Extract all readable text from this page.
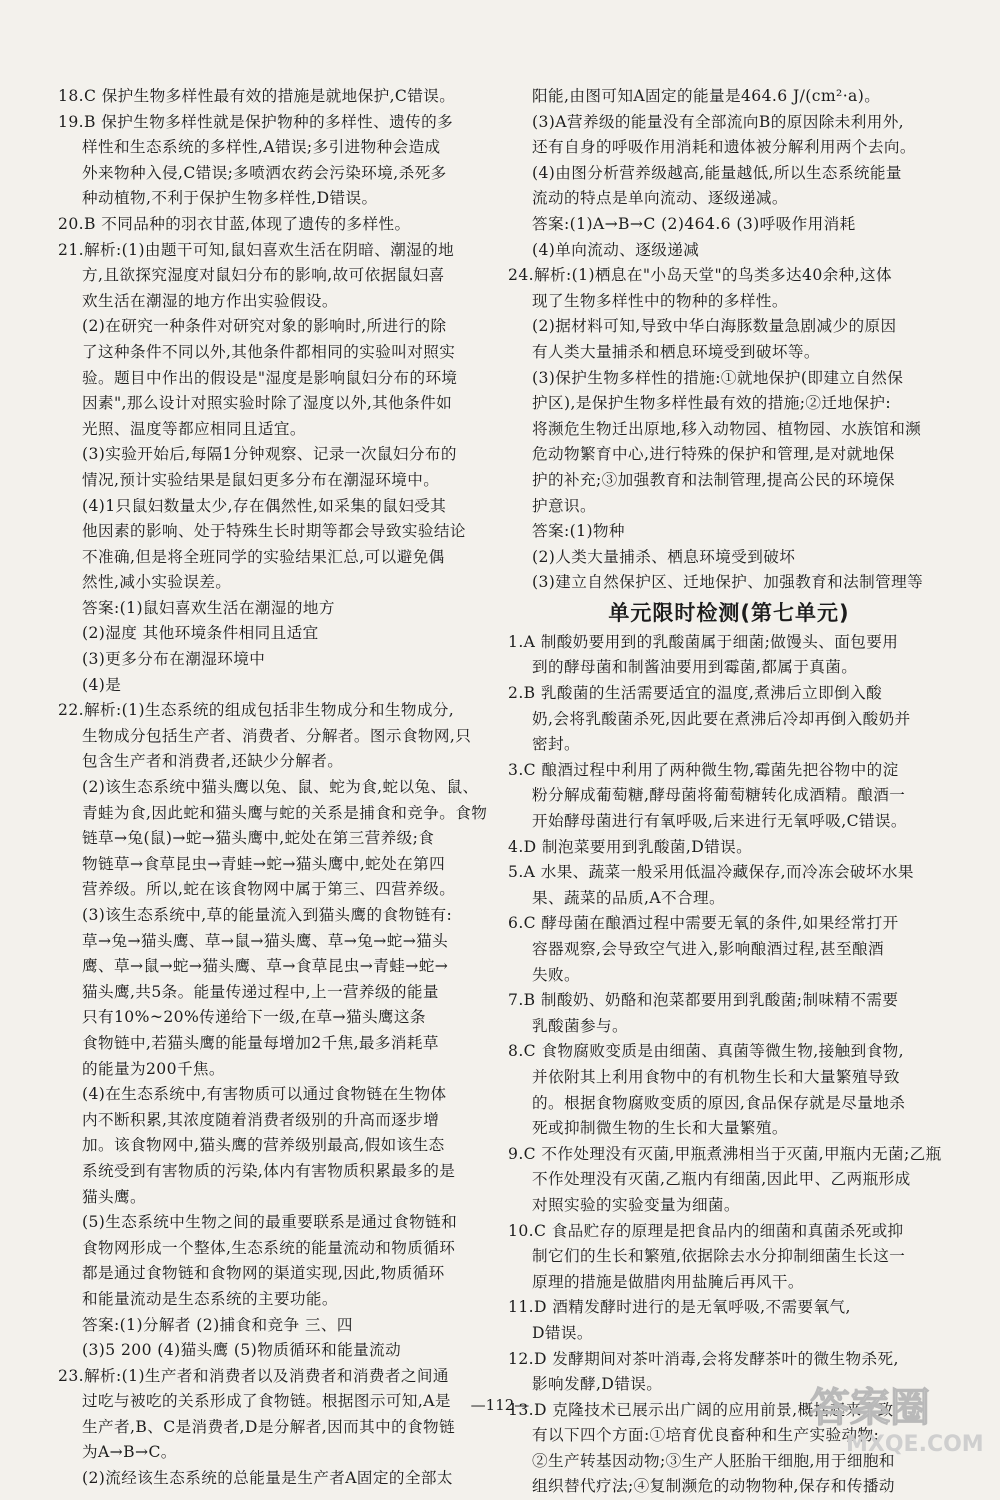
18.C 保护生物多样性最有效的措施是就地保护,C错误。
19.B 保护生物多样性就是保护物种的多样性、遗传的多
样性和生态系统的多样性,A错误;多引进物种会造成
外来物种入侵,C错误;多喷洒农药会污染环境,杀死多
种动植物,不利于保护生物多样性,D错误。
20.B 不同品种的羽衣甘蓝,体现了遗传的多样性。
21.解析:(1)由题干可知,鼠妇喜欢生活在阴暗、潮湿的地
方,且欲探究湿度对鼠妇分布的影响,故可依据鼠妇喜
欢生活在潮湿的地方作出实验假设。
(2)在研究一种条件对研究对象的影响时,所进行的除
了这种条件不同以外,其他条件都相同的实验叫对照实
验。题目中作出的假设是"湿度是影响鼠妇分布的环境
因素",那么设计对照实验时除了湿度以外,其他条件如
光照、温度等都应相同且适宜。
(3)实验开始后,每隔1分钟观察、记录一次鼠妇分布的
情况,预计实验结果是鼠妇更多分布在潮湿环境中。
(4)1只鼠妇数量太少,存在偶然性,如采集的鼠妇受其
他因素的影响、处于特殊生长时期等都会导致实验结论
不准确,但是将全班同学的实验结果汇总,可以避免偶
然性,减小实验误差。
答案:(1)鼠妇喜欢生活在潮湿的地方
(2)湿度 其他环境条件相同且适宜
(3)更多分布在潮湿环境中
(4)是
22.解析:(1)生态系统的组成包括非生物成分和生物成分,
生物成分包括生产者、消费者、分解者。图示食物网,只
包含生产者和消费者,还缺少分解者。
(2)该生态系统中猫头鹰以兔、鼠、蛇为食,蛇以兔、鼠、
青蛙为食,因此蛇和猫头鹰与蛇的关系是捕食和竞争。食物
链草→兔(鼠)→蛇→猫头鹰中,蛇处在第三营养级;食
物链草→食草昆虫→青蛙→蛇→猫头鹰中,蛇处在第四
营养级。所以,蛇在该食物网中属于第三、四营养级。
(3)该生态系统中,草的能量流入到猫头鹰的食物链有:
草→兔→猫头鹰、草→鼠→猫头鹰、草→兔→蛇→猫头
鹰、草→鼠→蛇→猫头鹰、草→食草昆虫→青蛙→蛇→
猫头鹰,共5条。能量传递过程中,上一营养级的能量
只有10%~20%传递给下一级,在草→猫头鹰这条
食物链中,若猫头鹰的能量每增加2千焦,最多消耗草
的能量为200千焦。
(4)在生态系统中,有害物质可以通过食物链在生物体
内不断积累,其浓度随着消费者级别的升高而逐步增
加。该食物网中,猫头鹰的营养级别最高,假如该生态
系统受到有害物质的污染,体内有害物质积累最多的是
猫头鹰。
(5)生态系统中生物之间的最重要联系是通过食物链和
食物网形成一个整体,生态系统的能量流动和物质循环
都是通过食物链和食物网的渠道实现,因此,物质循环
和能量流动是生态系统的主要功能。
答案:(1)分解者 (2)捕食和竞争 三、四
(3)5 200 (4)猫头鹰 (5)物质循环和能量流动
23.解析:(1)生产者和消费者以及消费者和消费者之间通
过吃与被吃的关系形成了食物链。根据图示可知,A是
生产者,B、C是消费者,D是分解者,因而其中的食物链
为A→B→C。
(2)流经该生态系统的总能量是生产者A固定的全部太
阳能,由图可知A固定的能量是464.6 J/(cm²·a)。
(3)A营养级的能量没有全部流向B的原因除未利用外,
还有自身的呼吸作用消耗和遗体被分解利用两个去向。
(4)由图分析营养级越高,能量越低,所以生态系统能量
流动的特点是单向流动、逐级递减。
答案:(1)A→B→C (2)464.6 (3)呼吸作用消耗
(4)单向流动、逐级递减
24.解析:(1)栖息在"小岛天堂"的鸟类多达40余种,这体
现了生物多样性中的物种的多样性。
(2)据材料可知,导致中华白海豚数量急剧减少的原因
有人类大量捕杀和栖息环境受到破坏等。
(3)保护生物多样性的措施:①就地保护(即建立自然保
护区),是保护生物多样性最有效的措施;②迁地保护:
将濒危生物迁出原地,移入动物园、植物园、水族馆和濒
危动物繁育中心,进行特殊的保护和管理,是对就地保
护的补充;③加强教育和法制管理,提高公民的环境保
护意识。
答案:(1)物种
(2)人类大量捕杀、栖息环境受到破坏
(3)建立自然保护区、迁地保护、加强教育和法制管理等
单元限时检测(第七单元)
1.A 制酸奶要用到的乳酸菌属于细菌;做馒头、面包要用
到的酵母菌和制酱油要用到霉菌,都属于真菌。
2.B 乳酸菌的生活需要适宜的温度,煮沸后立即倒入酸
奶,会将乳酸菌杀死,因此要在煮沸后冷却再倒入酸奶并
密封。
3.C 酿酒过程中利用了两种微生物,霉菌先把谷物中的淀
粉分解成葡萄糖,酵母菌将葡萄糖转化成酒精。酿酒一
开始酵母菌进行有氧呼吸,后来进行无氧呼吸,C错误。
4.D 制泡菜要用到乳酸菌,D错误。
5.A 水果、蔬菜一般采用低温冷藏保存,而冷冻会破坏水果
果、蔬菜的品质,A不合理。
6.C 酵母菌在酿酒过程中需要无氧的条件,如果经常打开
容器观察,会导致空气进入,影响酿酒过程,甚至酿酒
失败。
7.B 制酸奶、奶酪和泡菜都要用到乳酸菌;制味精不需要
乳酸菌参与。
8.C 食物腐败变质是由细菌、真菌等微生物,接触到食物,
并依附其上利用食物中的有机物生长和大量繁殖导致
的。根据食物腐败变质的原因,食品保存就是尽量地杀
死或抑制微生物的生长和大量繁殖。
9.C 不作处理没有灭菌,甲瓶煮沸相当于灭菌,甲瓶内无菌;乙瓶
不作处理没有灭菌,乙瓶内有细菌,因此甲、乙两瓶形成
对照实验的实验变量为细菌。
10.C 食品贮存的原理是把食品内的细菌和真菌杀死或抑
制它们的生长和繁殖,依据除去水分抑制细菌生长这一
原理的措施是做腊肉用盐腌后再风干。
11.D 酒精发酵时进行的是无氧呼吸,不需要氧气,
D错误。
12.D 发酵期间对茶叶消毒,会将发酵茶叶的微生物杀死,
影响发酵,D错误。
13.D 克隆技术已展示出广阔的应用前景,概括起来大致
有以下四个方面:①培育优良畜种和生产实验动物;
②生产转基因动物;③生产人胚胎干细胞,用于细胞和
组织替代疗法;④复制濒危的动物物种,保存和传播动
—112—	答案圈
MXQE.COM
